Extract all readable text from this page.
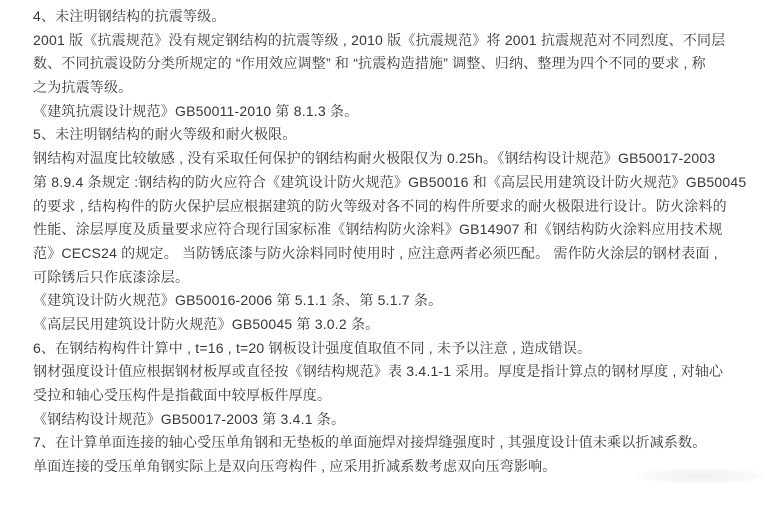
4、未注明钢结构的抗震等级。
2001 版《抗震规范》没有规定钢结构的抗震等级 , 2010 版《抗震规范》将 2001 抗震规范对不同烈度、不同层
数、不同抗震设防分类所规定的 “作用效应调整” 和 “抗震构造措施” 调整、归纳、整理为四个不同的要求 , 称
之为抗震等级。
《建筑抗震设计规范》GB50011-2010 第 8.1.3 条。
5、未注明钢结构的耐火等级和耐火极限。
钢结构对温度比较敏感 , 没有采取任何保护的钢结构耐火极限仅为 0.25h。《钢结构设计规范》GB50017-2003
第 8.9.4 条规定 :钢结构的防火应符合《建筑设计防火规范》GB50016 和《高层民用建筑设计防火规范》GB50045
的要求 , 结构构件的防火保护层应根据建筑的防火等级对各不同的构件所要求的耐火极限进行设计。防火涂料的
性能、涂层厚度及质量要求应符合现行国家标准《钢结构防火涂料》GB14907 和《钢结构防火涂料应用技术规
范》CECS24 的规定。 当防锈底漆与防火涂料同时使用时 , 应注意两者必须匹配。 需作防火涂层的钢材表面 ,
可除锈后只作底漆涂层。
《建筑设计防火规范》GB50016-2006 第 5.1.1 条、第 5.1.7 条。
《高层民用建筑设计防火规范》GB50045 第 3.0.2 条。
6、在钢结构构件计算中 , t=16 , t=20 钢板设计强度值取值不同 , 未予以注意 , 造成错误。
钢材强度设计值应根据钢材板厚或直径按《钢结构规范》表 3.4.1-1 采用。厚度是指计算点的钢材厚度 , 对轴心
受拉和轴心受压构件是指截面中较厚板件厚度。
《钢结构设计规范》GB50017-2003 第 3.4.1 条。
7、在计算单面连接的轴心受压单角钢和无垫板的单面施焊对接焊缝强度时 , 其强度设计值未乘以折减系数。
单面连接的受压单角钢实际上是双向压弯构件 , 应采用折减系数考虑双向压弯影响。
